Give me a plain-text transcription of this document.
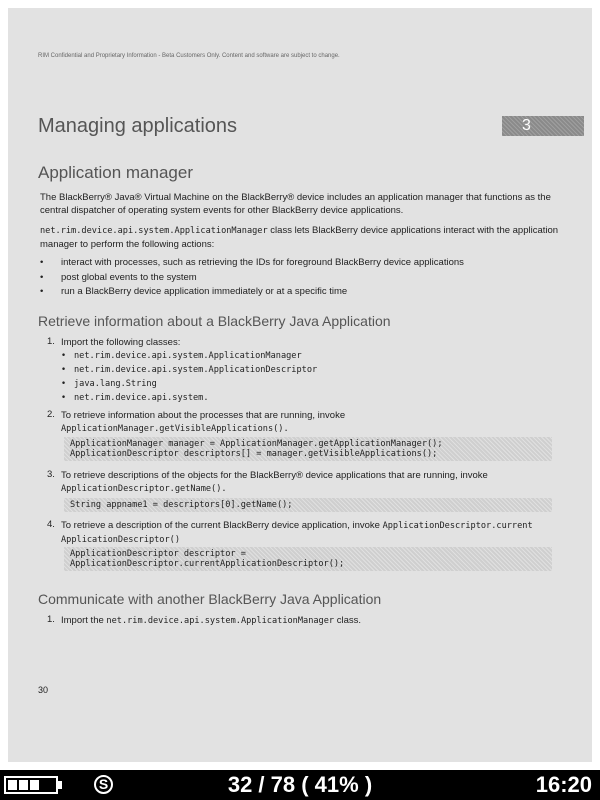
RIM Confidential and Proprietary Information - Beta Customers Only. Content and software are subject to change.
Managing applications	3
Application manager

The BlackBerry® Java® Virtual Machine on the BlackBerry® device includes an application manager that functions as the central dispatcher of operating system events for other BlackBerry device applications.

net.rim.device.api.system.ApplicationManager class lets BlackBerry device applications interact with the application manager to perform the following actions:

• interact with processes, such as retrieving the IDs for foreground BlackBerry device applications
• post global events to the system
• run a BlackBerry device application immediately or at a specific time
Retrieve information about a BlackBerry Java Application
1. Import the following classes:
• net.rim.device.api.system.ApplicationManager
• net.rim.device.api.system.ApplicationDescriptor
• java.lang.String
• net.rim.device.api.system.
2. To retrieve information about the processes that are running, invoke
ApplicationManager.getVisibleApplications().
ApplicationManager manager = ApplicationManager.getApplicationManager();
ApplicationDescriptor descriptors[] = manager.getVisibleApplications();
3. To retrieve descriptions of the objects for the BlackBerry® device applications that are running, invoke
ApplicationDescriptor.getName().
String appname1 = descriptors[0].getName();
4. To retrieve a description of the current BlackBerry device application, invoke ApplicationDescriptor.current
ApplicationDescriptor()
ApplicationDescriptor descriptor =
ApplicationDescriptor.currentApplicationDescriptor();
Communicate with another BlackBerry Java Application
1. Import the net.rim.device.api.system.ApplicationManager class.
30
S	32 / 78 ( 41% )	16:20
